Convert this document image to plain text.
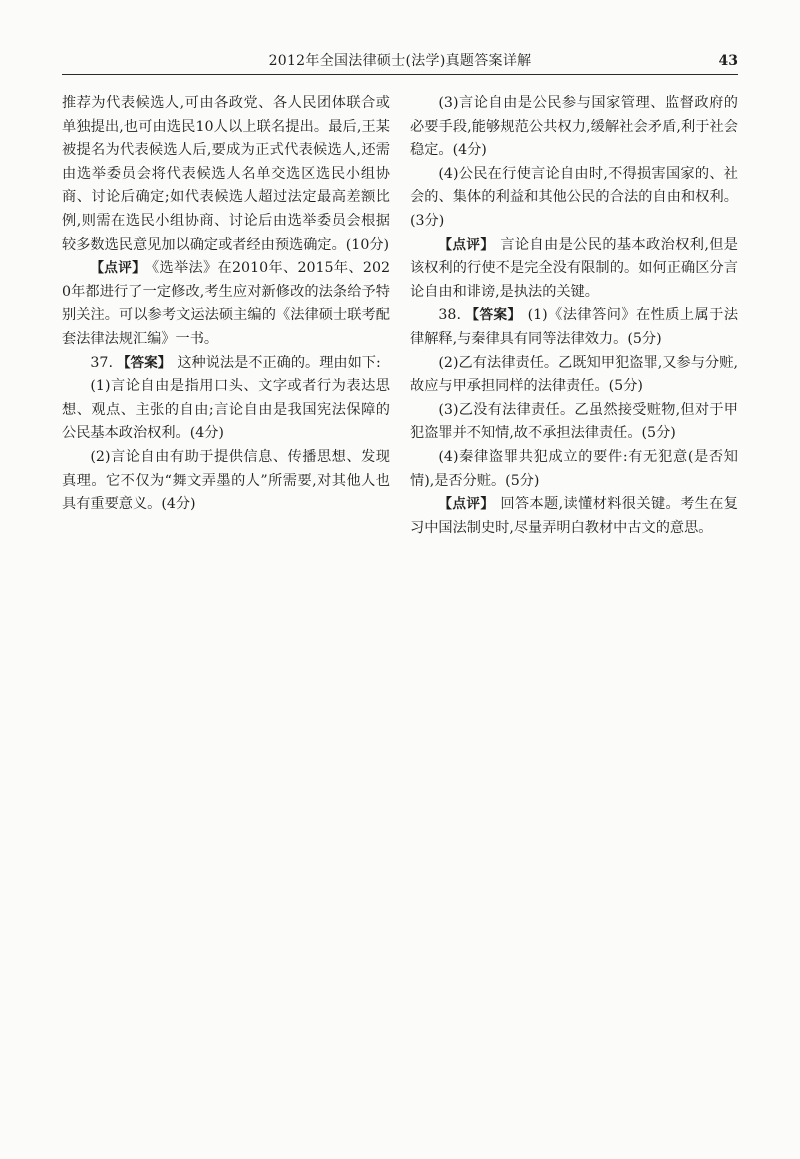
2012年全国法律硕士(法学)真题答案详解	43

推荐为代表候选人,可由各政党、各人民团体联合或单独提出,也可由选民10人以上联名提出。最后,王某被提名为代表候选人后,要成为正式代表候选人,还需由选举委员会将代表候选人名单交选区选民小组协商、讨论后确定;如代表候选人超过法定最高差额比例,则需在选民小组协商、讨论后由选举委员会根据较多数选民意见加以确定或者经由预选确定。(10分)

【点评】 《选举法》在2010年、2015年、2020年都进行了一定修改,考生应对新修改的法条给予特别关注。可以参考文运法硕主编的《法律硕士联考配套法律法规汇编》一书。

37. 【答案】 这种说法是不正确的。理由如下:

(1)言论自由是指用口头、文字或者行为表达思想、观点、主张的自由;言论自由是我国宪法保障的公民基本政治权利。(4分)

(2)言论自由有助于提供信息、传播思想、发现真理。它不仅为“舞文弄墨的人”所需要,对其他人也具有重要意义。(4分)

(3)言论自由是公民参与国家管理、监督政府的必要手段,能够规范公共权力,缓解社会矛盾,利于社会稳定。(4分)

(4)公民在行使言论自由时,不得损害国家的、社会的、集体的利益和其他公民的合法的自由和权利。(3分)

【点评】 言论自由是公民的基本政治权利,但是该权利的行使不是完全没有限制的。如何正确区分言论自由和诽谤,是执法的关键。

38. 【答案】 (1)《法律答问》在性质上属于法律解释,与秦律具有同等法律效力。(5分)

(2)乙有法律责任。乙既知甲犯盗罪,又参与分赃,故应与甲承担同样的法律责任。(5分)

(3)乙没有法律责任。乙虽然接受赃物,但对于甲犯盗罪并不知情,故不承担法律责任。(5分)

(4)秦律盗罪共犯成立的要件:有无犯意(是否知情),是否分赃。(5分)

【点评】 回答本题,读懂材料很关键。考生在复习中国法制史时,尽量弄明白教材中古文的意思。
